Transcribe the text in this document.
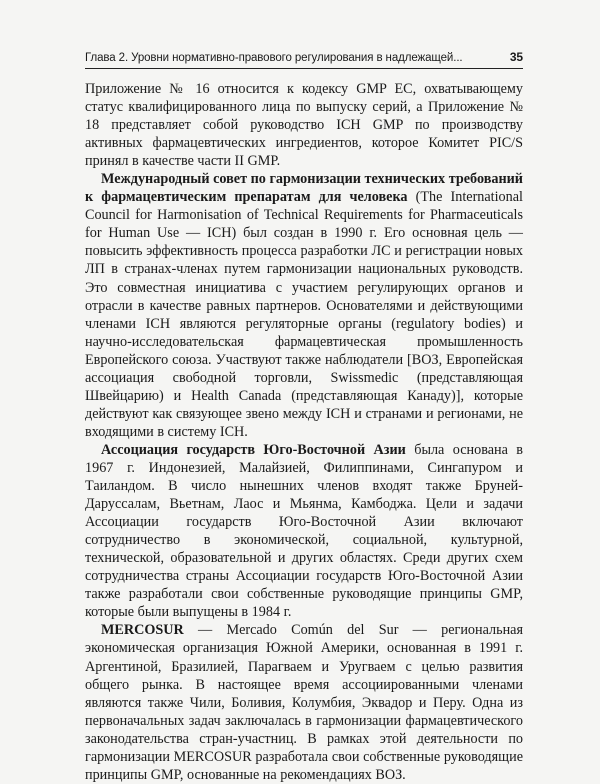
Глава 2. Уровни нормативно-правового регулирования в надлежащей...	35

Приложение № 16 относится к кодексу GMP ЕС, охватывающему статус квалифицированного лица по выпуску серий, а Приложение № 18 представляет собой руководство ICH GMP по производству активных фармацевтических ингредиентов, которое Комитет PIC/S принял в качестве части II GMP.

Международный совет по гармонизации технических требований к фармацевтическим препаратам для человека (The International Council for Harmonisation of Technical Requirements for Pharmaceuticals for Human Use — ICH) был создан в 1990 г. Его основная цель — повысить эффективность процесса разработки ЛС и регистрации новых ЛП в странах-членах путем гармонизации национальных руководств. Это совместная инициатива с участием регулирующих органов и отрасли в качестве равных партнеров. Основателями и действующими членами ICH являются регуляторные органы (regulatory bodies) и научно-исследовательская фармацевтическая промышленность Европейского союза. Участвуют также наблюдатели [ВОЗ, Европейская ассоциация свободной торговли, Swissmedic (представляющая Швейцарию) и Health Canada (представляющая Канаду)], которые действуют как связующее звено между ICH и странами и регионами, не входящими в систему ICH.

Ассоциация государств Юго-Восточной Азии была основана в 1967 г. Индонезией, Малайзией, Филиппинами, Сингапуром и Таиландом. В число нынешних членов входят также Бруней-Даруссалам, Вьетнам, Лаос и Мьянма, Камбоджа. Цели и задачи Ассоциации государств Юго-Восточной Азии включают сотрудничество в экономической, социальной, культурной, технической, образовательной и других областях. Среди других схем сотрудничества страны Ассоциации государств Юго-Восточной Азии также разработали свои собственные руководящие принципы GMP, которые были выпущены в 1984 г.

MERCOSUR — Mercado Común del Sur — региональная экономическая организация Южной Америки, основанная в 1991 г. Аргентиной, Бразилией, Парагваем и Уругваем с целью развития общего рынка. В настоящее время ассоциированными членами являются также Чили, Боливия, Колумбия, Эквадор и Перу. Одна из первоначальных задач заключалась в гармонизации фармацевтического законодательства стран-участниц. В рамках этой деятельности по гармонизации MERCOSUR разработала свои собственные руководящие принципы GMP, основанные на рекомендациях ВОЗ.
